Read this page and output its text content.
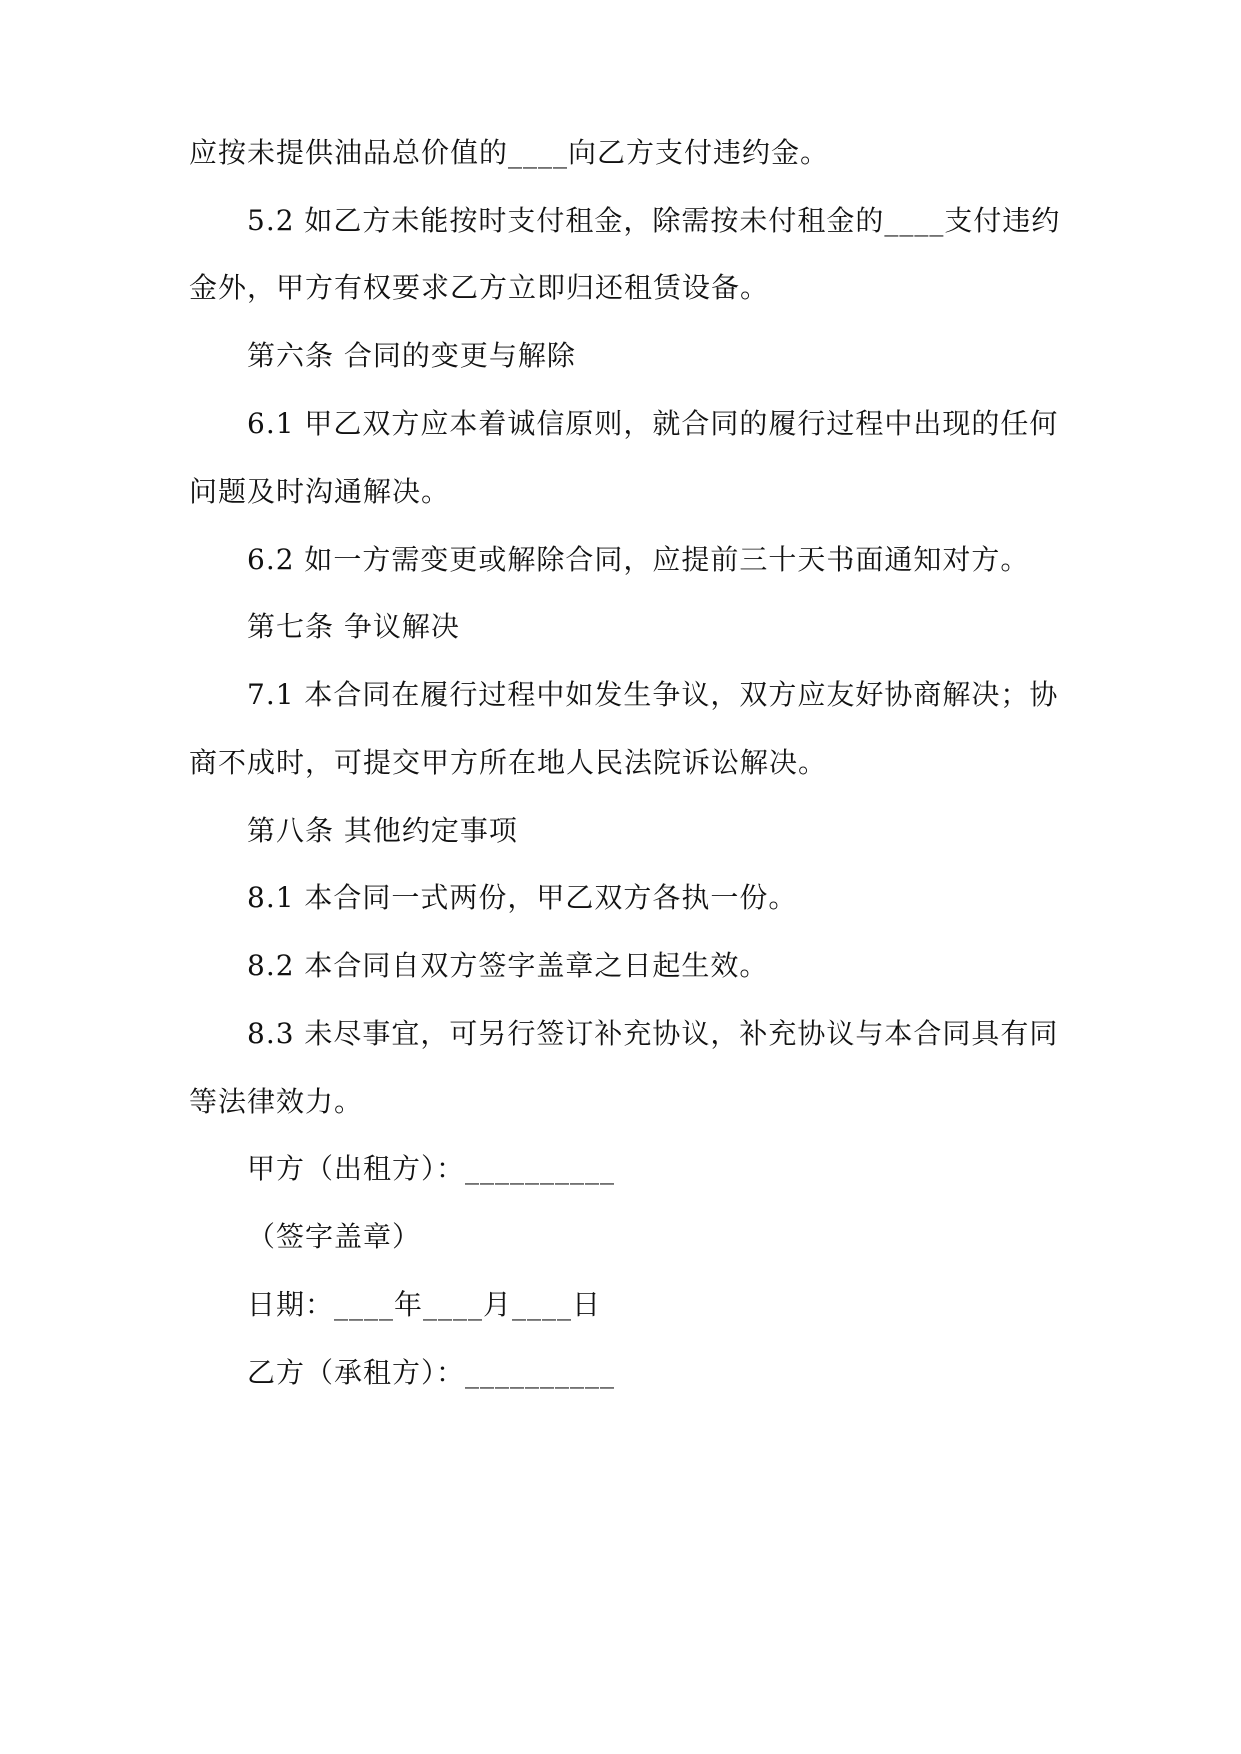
应按未提供油品总价值的____向乙方支付违约金。
5.2 如乙方未能按时支付租金，除需按未付租金的____支付违约
金外，甲方有权要求乙方立即归还租赁设备。
第六条 合同的变更与解除
6.1 甲乙双方应本着诚信原则，就合同的履行过程中出现的任何
问题及时沟通解决。
6.2 如一方需变更或解除合同，应提前三十天书面通知对方。
第七条 争议解决
7.1 本合同在履行过程中如发生争议，双方应友好协商解决；协
商不成时，可提交甲方所在地人民法院诉讼解决。
第八条 其他约定事项
8.1 本合同一式两份，甲乙双方各执一份。
8.2 本合同自双方签字盖章之日起生效。
8.3 未尽事宜，可另行签订补充协议，补充协议与本合同具有同
等法律效力。
甲方（出租方）：__________
（签字盖章）
日期：____年____月____日
乙方（承租方）：__________
